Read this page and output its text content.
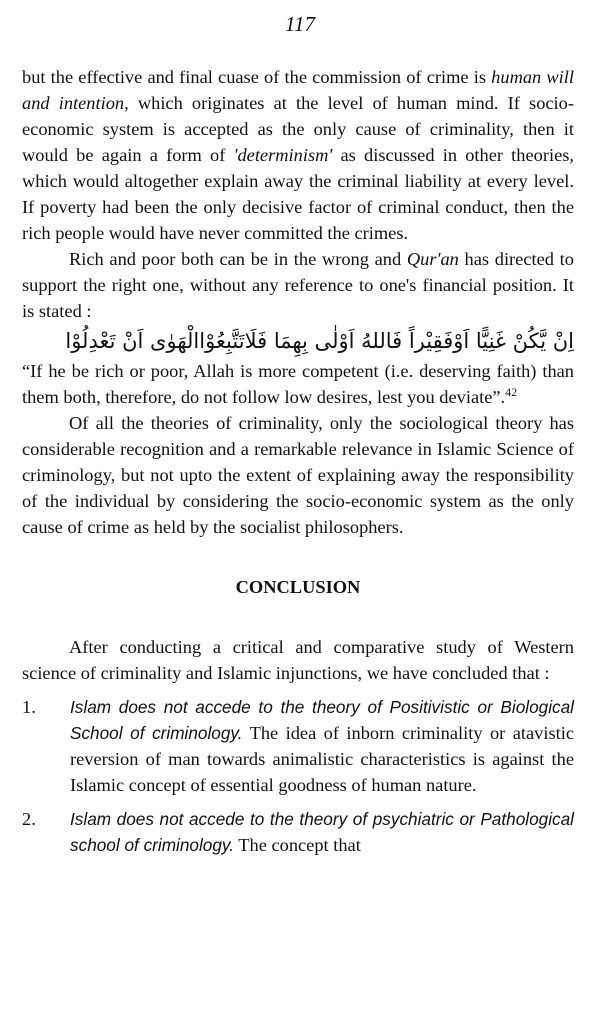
117

but the effective and final cuase of the commission of crime is human will and intention, which originates at the level of human mind. If socio-economic system is accepted as the only cause of criminality, then it would be again a form of 'determinism' as discussed in other theories, which would altogether explain away the criminal liability at every level. If poverty had been the only decisive factor of criminal conduct, then the rich people would have never committed the crimes.

Rich and poor both can be in the wrong and Qur'an has directed to support the right one, without any reference to one's financial position. It is stated :

اِنْ يَّكُنْ غَنِيًّا اَوْفَقِيْراً فَاللهُ اَوْلٰى بِهِمَا فَلَاتَتَّبِعُوْاالْهَوٰى اَنْ تَعْدِلُوْا

“If he be rich or poor, Allah is more competent (i.e. deserving faith) than them both, therefore, do not follow low desires, lest you deviate”.$^{42}$

Of all the theories of criminality, only the sociological theory has considerable recognition and a remarkable relevance in Islamic Science of criminology, but not upto the extent of explaining away the responsibility of the individual by considering the socio-economic system as the only cause of crime as held by the socialist philosophers.

CONCLUSION

After conducting a critical and comparative study of Western science of criminality and Islamic injunctions, we have concluded that :

1.	Islam does not accede to the theory of Positivistic or Biological School of criminology. The idea of inborn criminality or atavistic reversion of man towards animalistic characteristics is against the Islamic concept of essential goodness of human nature.
2.	Islam does not accede to the theory of psychiatric or Pathological school of criminology. The concept that
